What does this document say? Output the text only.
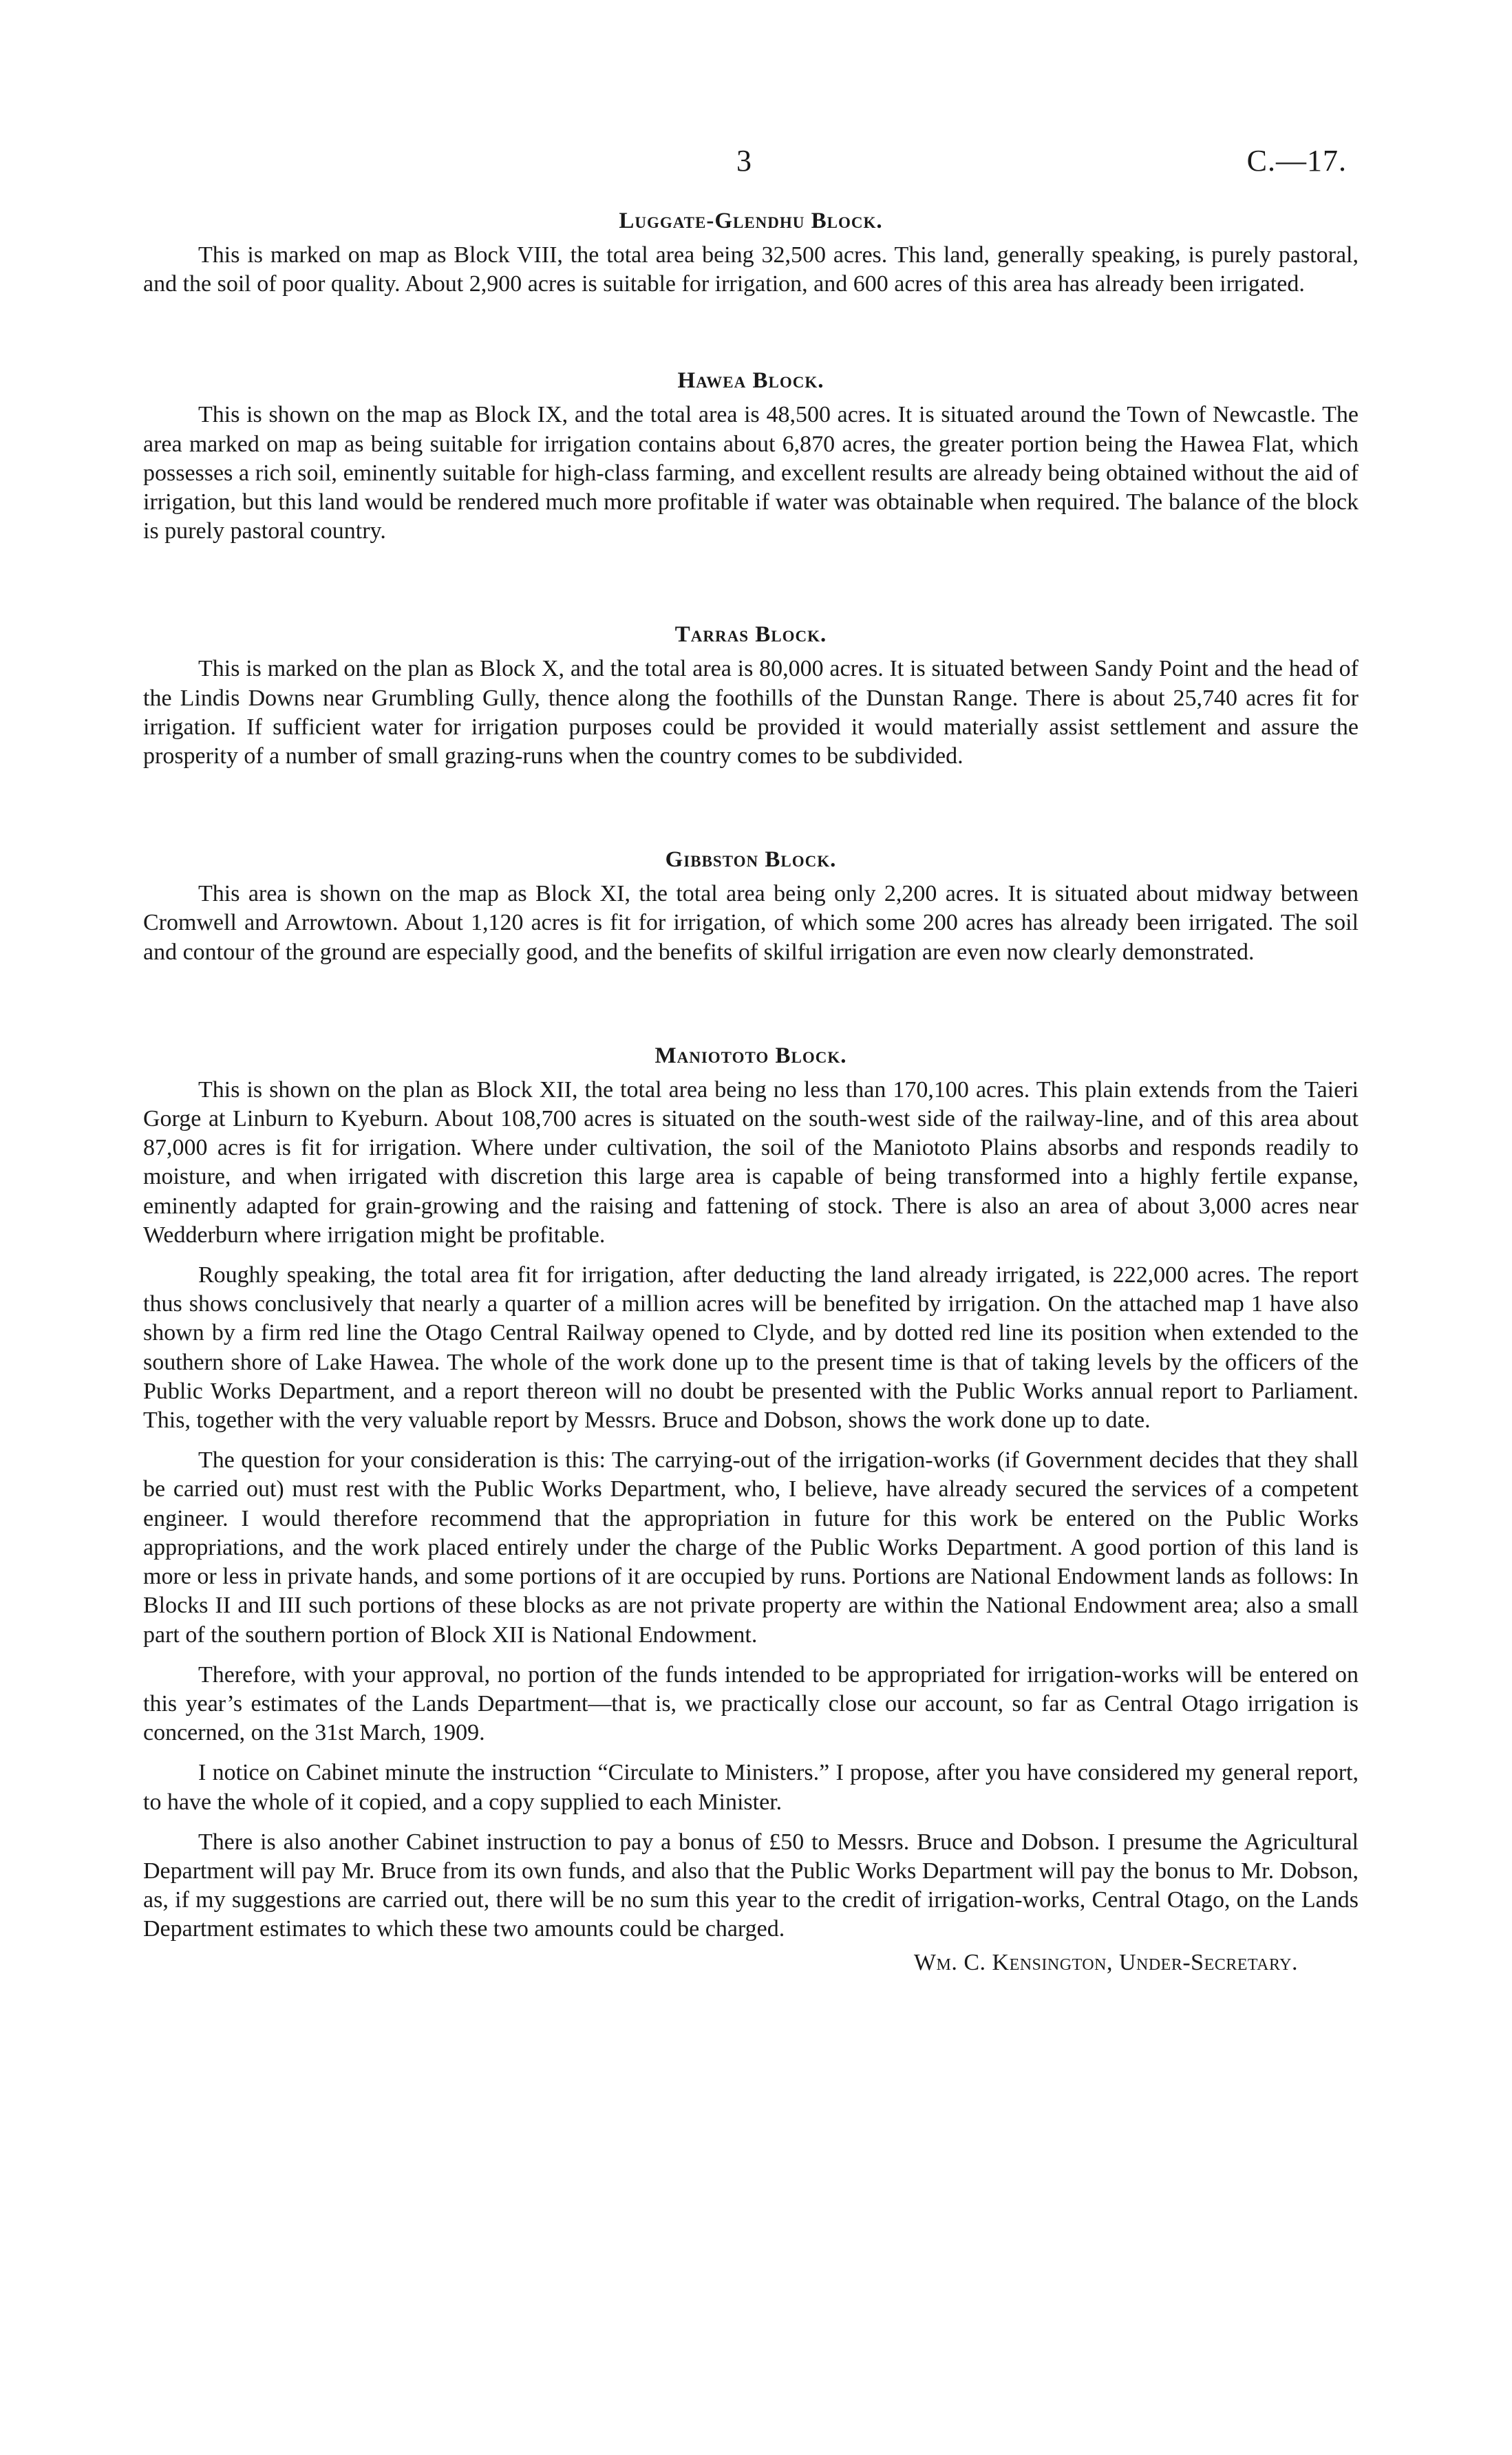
3	C.—17.
Luggate-Glendhu Block.

This is marked on map as Block VIII, the total area being 32,500 acres. This land, generally speaking, is purely pastoral, and the soil of poor quality. About 2,900 acres is suitable for irrigation, and 600 acres of this area has already been irrigated.

Hawea Block.

This is shown on the map as Block IX, and the total area is 48,500 acres. It is situated around the Town of Newcastle. The area marked on map as being suitable for irrigation contains about 6,870 acres, the greater portion being the Hawea Flat, which possesses a rich soil, eminently suitable for high-class farming, and excellent results are already being obtained without the aid of irrigation, but this land would be rendered much more profitable if water was obtainable when required. The balance of the block is purely pastoral country.

Tarras Block.

This is marked on the plan as Block X, and the total area is 80,000 acres. It is situated between Sandy Point and the head of the Lindis Downs near Grumbling Gully, thence along the foothills of the Dunstan Range. There is about 25,740 acres fit for irrigation. If sufficient water for irrigation purposes could be provided it would materially assist settlement and assure the prosperity of a number of small grazing-runs when the country comes to be subdivided.

Gibbston Block.

This area is shown on the map as Block XI, the total area being only 2,200 acres. It is situated about midway between Cromwell and Arrowtown. About 1,120 acres is fit for irrigation, of which some 200 acres has already been irrigated. The soil and contour of the ground are especially good, and the benefits of skilful irrigation are even now clearly demonstrated.

Maniototo Block.

This is shown on the plan as Block XII, the total area being no less than 170,100 acres. This plain extends from the Taieri Gorge at Linburn to Kyeburn. About 108,700 acres is situated on the south-west side of the railway-line, and of this area about 87,000 acres is fit for irrigation. Where under cultivation, the soil of the Maniototo Plains absorbs and responds readily to moisture, and when irrigated with discretion this large area is capable of being transformed into a highly fertile expanse, eminently adapted for grain-growing and the raising and fattening of stock. There is also an area of about 3,000 acres near Wedderburn where irrigation might be profitable.

Roughly speaking, the total area fit for irrigation, after deducting the land already irrigated, is 222,000 acres. The report thus shows conclusively that nearly a quarter of a million acres will be benefited by irrigation. On the attached map 1 have also shown by a firm red line the Otago Central Railway opened to Clyde, and by dotted red line its position when extended to the southern shore of Lake Hawea. The whole of the work done up to the present time is that of taking levels by the officers of the Public Works Department, and a report thereon will no doubt be presented with the Public Works annual report to Parliament. This, together with the very valuable report by Messrs. Bruce and Dobson, shows the work done up to date.

The question for your consideration is this: The carrying-out of the irrigation-works (if Government decides that they shall be carried out) must rest with the Public Works Department, who, I believe, have already secured the services of a competent engineer. I would therefore recommend that the appropriation in future for this work be entered on the Public Works appropriations, and the work placed entirely under the charge of the Public Works Department. A good portion of this land is more or less in private hands, and some portions of it are occupied by runs. Portions are National Endowment lands as follows: In Blocks II and III such portions of these blocks as are not private property are within the National Endowment area; also a small part of the southern portion of Block XII is National Endowment.

Therefore, with your approval, no portion of the funds intended to be appropriated for irrigation-works will be entered on this year’s estimates of the Lands Department—that is, we practically close our account, so far as Central Otago irrigation is concerned, on the 31st March, 1909.

I notice on Cabinet minute the instruction “Circulate to Ministers.” I propose, after you have considered my general report, to have the whole of it copied, and a copy supplied to each Minister.

There is also another Cabinet instruction to pay a bonus of £50 to Messrs. Bruce and Dobson. I presume the Agricultural Department will pay Mr. Bruce from its own funds, and also that the Public Works Department will pay the bonus to Mr. Dobson, as, if my suggestions are carried out, there will be no sum this year to the credit of irrigation-works, Central Otago, on the Lands Department estimates to which these two amounts could be charged.

Wm. C. Kensington, Under-Secretary.
